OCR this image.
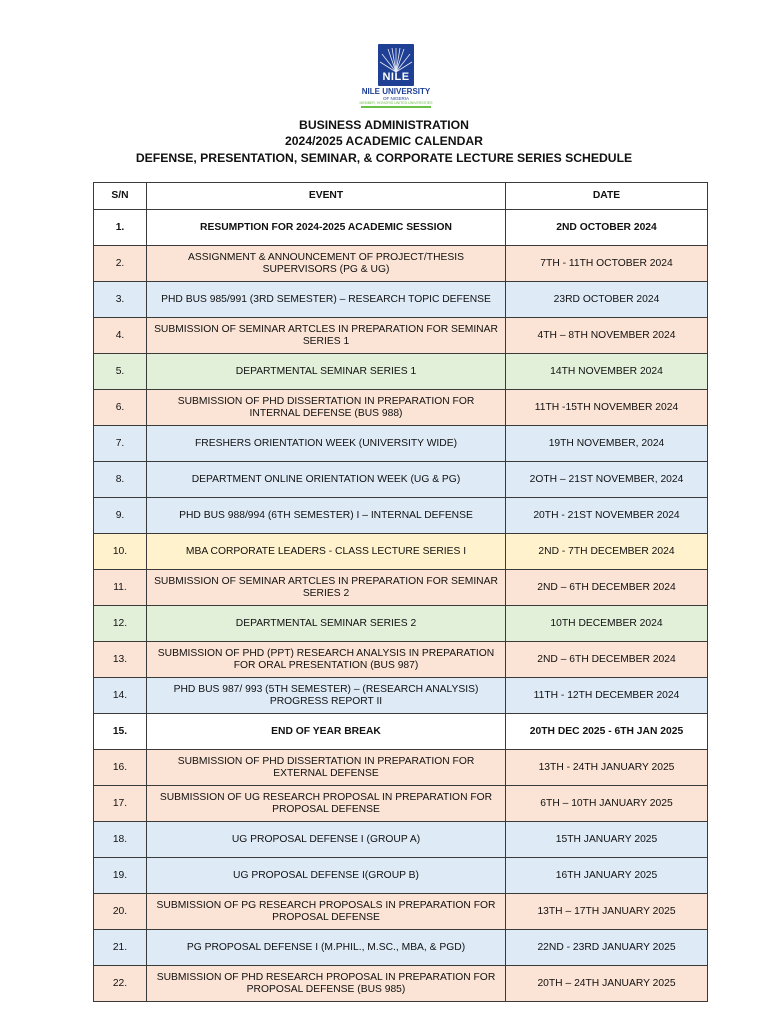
NILE
NILE UNIVERSITY
OF NIGERIA
MEMBER, HONORIS UNITED UNIVERSITIES
BUSINESS ADMINISTRATION
2024/2025 ACADEMIC CALENDAR
DEFENSE, PRESENTATION, SEMINAR, & CORPORATE LECTURE SERIES SCHEDULE
S/N	EVENT	DATE
1.	RESUMPTION FOR 2024-2025 ACADEMIC SESSION	2ND OCTOBER 2024
2.	ASSIGNMENT & ANNOUNCEMENT OF PROJECT/THESIS SUPERVISORS (PG & UG)	7TH - 11TH OCTOBER 2024
3.	PHD BUS 985/991 (3RD SEMESTER) – RESEARCH TOPIC DEFENSE	23RD OCTOBER 2024
4.	SUBMISSION OF SEMINAR ARTCLES IN PREPARATION FOR SEMINAR SERIES 1	4TH – 8TH NOVEMBER 2024
5.	DEPARTMENTAL SEMINAR SERIES 1	14TH NOVEMBER 2024
6.	SUBMISSION OF PHD DISSERTATION IN PREPARATION FOR INTERNAL DEFENSE (BUS 988)	11TH -15TH NOVEMBER 2024
7.	FRESHERS ORIENTATION WEEK (UNIVERSITY WIDE)	19TH NOVEMBER, 2024
8.	DEPARTMENT ONLINE ORIENTATION WEEK (UG & PG)	2OTH – 21ST NOVEMBER, 2024
9.	PHD BUS 988/994 (6TH SEMESTER) I – INTERNAL DEFENSE	20TH - 21ST NOVEMBER 2024
10.	MBA CORPORATE LEADERS - CLASS LECTURE SERIES I	2ND - 7TH DECEMBER 2024
11.	SUBMISSION OF SEMINAR ARTCLES IN PREPARATION FOR SEMINAR SERIES 2	2ND – 6TH DECEMBER 2024
12.	DEPARTMENTAL SEMINAR SERIES 2	10TH DECEMBER 2024
13.	SUBMISSION OF PHD (PPT) RESEARCH ANALYSIS IN PREPARATION FOR ORAL PRESENTATION (BUS 987)	2ND – 6TH DECEMBER 2024
14.	PHD BUS 987/ 993 (5TH SEMESTER) – (RESEARCH ANALYSIS) PROGRESS REPORT II	11TH - 12TH DECEMBER 2024
15.	END OF YEAR BREAK	20TH DEC 2025 - 6TH JAN 2025
16.	SUBMISSION OF PHD DISSERTATION IN PREPARATION FOR EXTERNAL DEFENSE	13TH - 24TH JANUARY 2025
17.	SUBMISSION OF UG RESEARCH PROPOSAL IN PREPARATION FOR PROPOSAL DEFENSE	6TH – 10TH JANUARY 2025
18.	UG PROPOSAL DEFENSE I (GROUP A)	15TH JANUARY 2025
19.	UG PROPOSAL DEFENSE I(GROUP B)	16TH JANUARY 2025
20.	SUBMISSION OF PG RESEARCH PROPOSALS IN PREPARATION FOR PROPOSAL DEFENSE	13TH – 17TH JANUARY 2025
21.	PG PROPOSAL DEFENSE I (M.PHIL., M.SC., MBA, & PGD)	22ND - 23RD JANUARY 2025
22.	SUBMISSION OF PHD RESEARCH PROPOSAL IN PREPARATION FOR PROPOSAL DEFENSE (BUS 985)	20TH – 24TH JANUARY 2025
